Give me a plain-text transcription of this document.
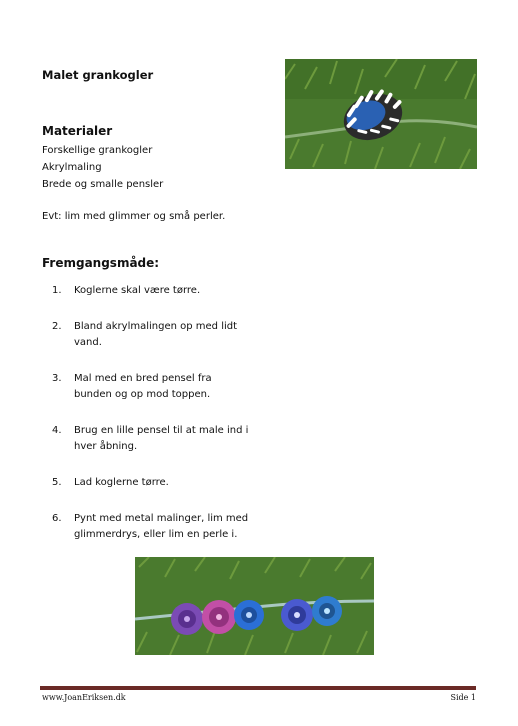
Malet grankogler
Materialer
Forskellige grankogler
Akrylmaling
Brede og smalle pensler
Evt: lim med glimmer og små perler.
Fremgangsmåde:
1. Koglerne skal være tørre.
2. Bland akrylmalingen op med lidt vand.
3. Mal med en bred pensel fra bunden og op mod toppen.
4. Brug en lille pensel til at male ind i hver åbning.
5. Lad koglerne tørre.
6. Pynt med metal malinger, lim med glimmerdrys, eller lim en perle i.
www.JoanEriksen.dk	Side 1
